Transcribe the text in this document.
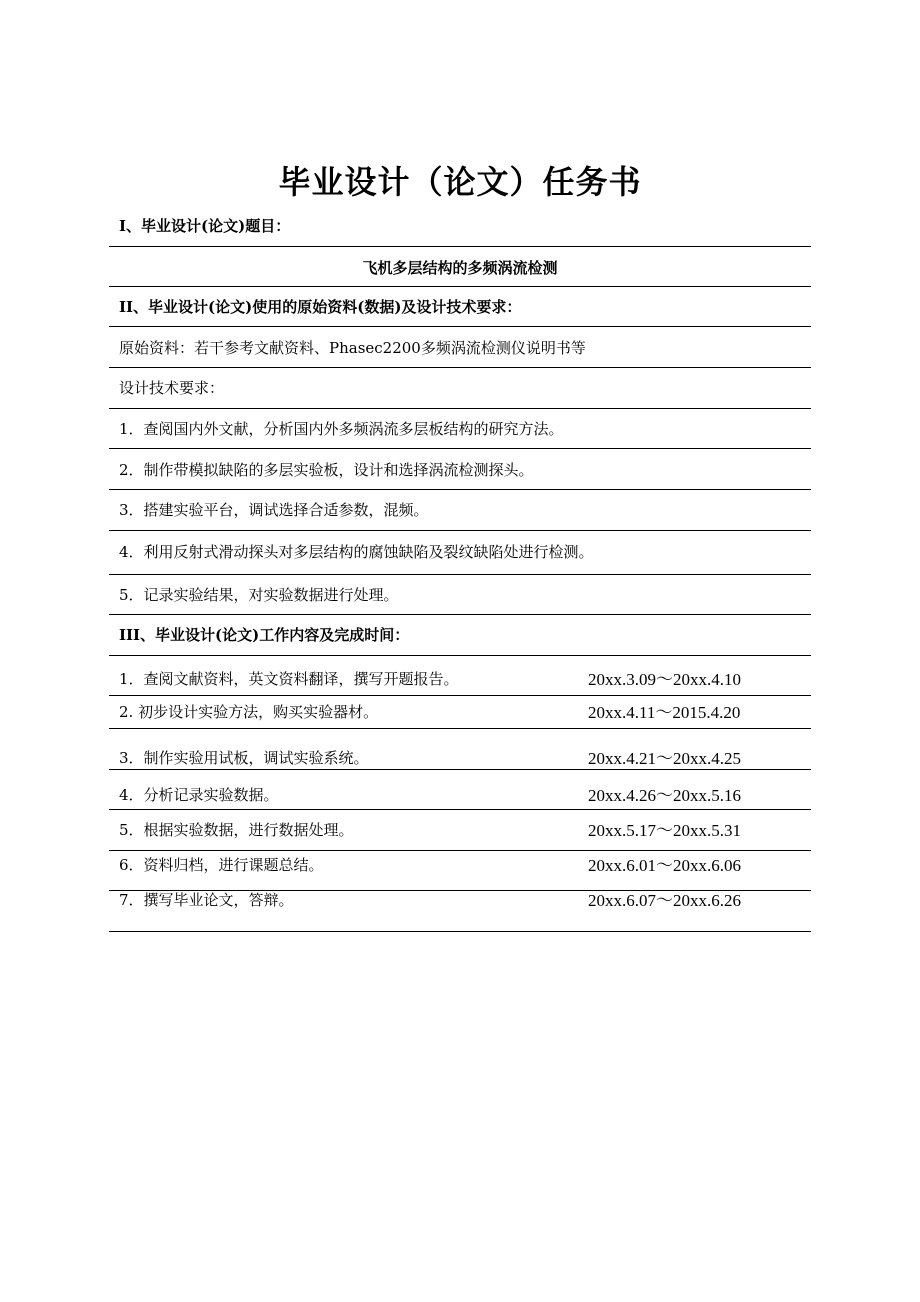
毕业设计（论文）任务书
I、毕业设计(论文)题目：
飞机多层结构的多频涡流检测
II、毕业设计(论文)使用的原始资料(数据)及设计技术要求：
原始资料：若干参考文献资料、Phasec2200多频涡流检测仪说明书等
设计技术要求：
1．查阅国内外文献，分析国内外多频涡流多层板结构的研究方法。
2．制作带模拟缺陷的多层实验板，设计和选择涡流检测探头。
3．搭建实验平台，调试选择合适参数，混频。
4．利用反射式滑动探头对多层结构的腐蚀缺陷及裂纹缺陷处进行检测。
5．记录实验结果，对实验数据进行处理。
III、毕业设计(论文)工作内容及完成时间：
1．查阅文献资料，英文资料翻译，撰写开题报告。	20xx.3.09～20xx.4.10
2. 初步设计实验方法，购买实验器材。	20xx.4.11～2015.4.20
3．制作实验用试板，调试实验系统。	20xx.4.21～20xx.4.25
4．分析记录实验数据。	20xx.4.26～20xx.5.16
5．根据实验数据，进行数据处理。	20xx.5.17～20xx.5.31
6．资料归档，进行课题总结。	20xx.6.01～20xx.6.06
7．撰写毕业论文，答辩。	20xx.6.07～20xx.6.26
